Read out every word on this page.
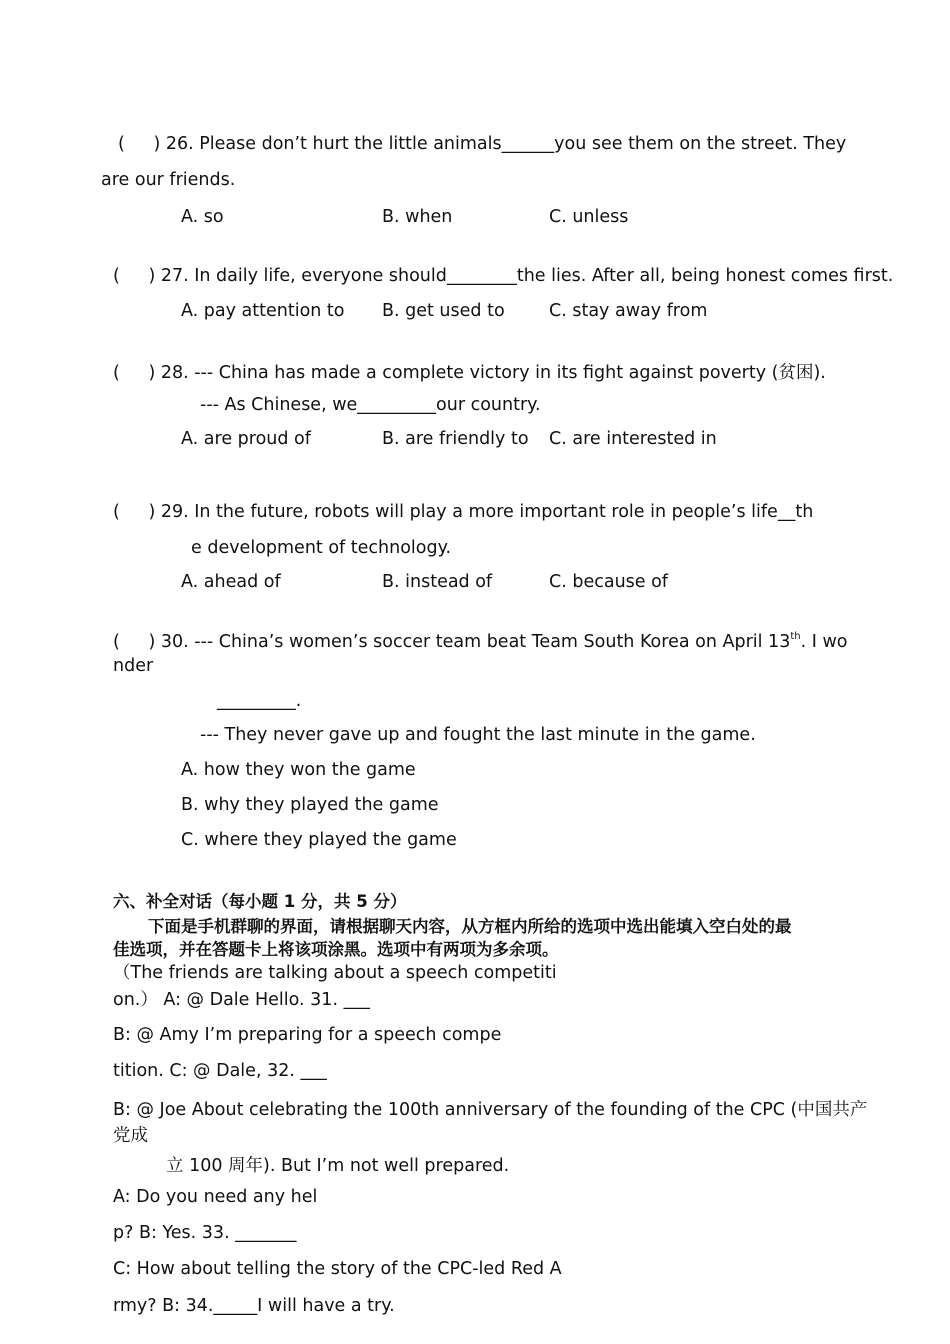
(　  ) 26. Please don’t hurt the little animals______you see them on the street. They
are our friends.
A. so	B. when	C. unless
(　  ) 27. In daily life, everyone should________the lies. After all, being honest comes first.
A. pay attention to B. get used to	C. stay away from
(　  ) 28. --- China has made a complete victory in its fight against poverty (贫困).
--- As Chinese, we_________our country.
A. are proud of	B. are friendly to C. are interested in
(　  ) 29. In the future, robots will play a more important role in people’s life__th
e development of technology.
A. ahead of	B. instead of	C. because of
(　  ) 30. --- China’s women’s soccer team beat Team South Korea on April 13th. I wo
nder
_________.
--- They never gave up and fought the last minute in the game.
A. how they won the game
B. why they played the game
C. where they played the game
六、补全对话（每小题 1 分，共 5 分）
下面是手机群聊的界面，请根据聊天内容，从方框内所给的选项中选出能填入空白处的最
佳选项，并在答题卡上将该项涂黑。选项中有两项为多余项。
（The friends are talking about a speech competiti
on.） A: @ Dale Hello. 31. ___
B: @ Amy I’m preparing for a speech compe
tition. C: @ Dale, 32. ___
B: @ Joe About celebrating the 100th anniversary of the founding of the CPC (中国共产
党成
立 100 周年). But I’m not well prepared.
A: Do you need any hel
p? B: Yes. 33. _______
C: How about telling the story of the CPC-led Red A
rmy? B: 34._____I will have a try.
